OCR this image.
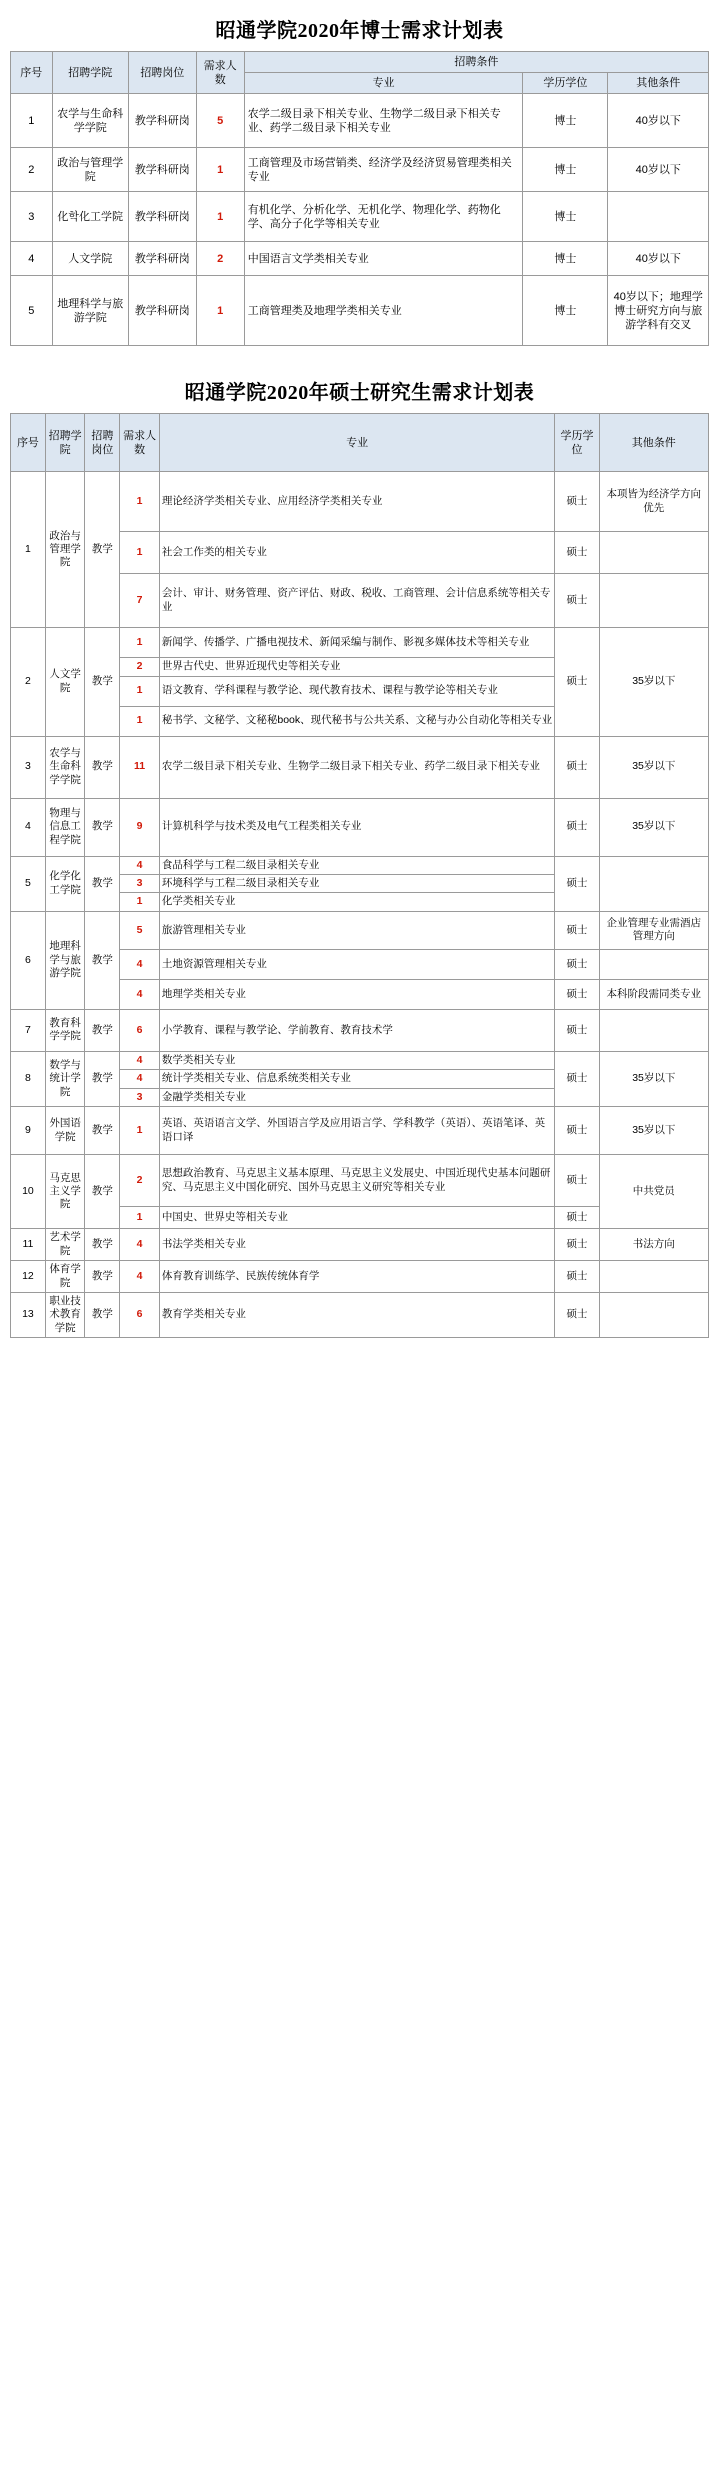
昭通学院2020年博士需求计划表
序号	招聘学院	招聘岗位	需求人数	招聘条件		
				专业	学历学位	其他条件
1	农学与生命科学学院	教学科研岗	5	农学二级目录下相关专业、生物学二级目录下相关专业、药学二级目录下相关专业	博士	40岁以下
2	政治与管理学院	教学科研岗	1	工商管理及市场营销类、经济学及经济贸易管理类相关专业	博士	40岁以下
3	化학化工学院	教学科研岗	1	有机化学、分析化学、无机化学、物理化学、药物化学、高分子化学等相关专业	博士	
4	人文学院	教学科研岗	2	中国语言文学类相关专业	博士	40岁以下
5	地理科学与旅游学院	教学科研岗	1	工商管理类及地理学类相关专业	博士	40岁以下；地理学博士研究方向与旅游学科有交叉
昭通学院2020年硕士研究生需求计划表
序号	招聘学院	招聘岗位	需求人数	专业	学历学位	其他条件
1	政治与管理学院	教学	1	理论经济学类相关专业、应用经济学类相关专业	硕士	本项皆为经济学方向优先
			1	社会工作类的相关专业	硕士	
			7	会计、审计、财务管理、资产评估、财政、税收、工商管理、会计信息系统等相关专业	硕士	
2	人文学院	教学	1	新闻学、传播学、广播电视技术、新闻采编与制作、影视多媒体技术等相关专业	硕士	35岁以下
			2	世界古代史、世界近现代史等相关专业		
			1	语文教育、学科课程与教学论、现代教育技术、课程与教学论等相关专业		
			1	秘书学、文秘学、文秘秘book、现代秘书与公共关系、文秘与办公自动化等相关专业		
3	农学与生命科学学院	教学	11	农学二级目录下相关专业、生物学二级目录下相关专业、药学二级目录下相关专业	硕士	35岁以下
4	物理与信息工程学院	教学	9	计算机科学与技术类及电气工程类相关专业	硕士	35岁以下
5	化学化工学院	教学	4	食品科学与工程二级目录相关专业	硕士	
			3	环境科学与工程二级目录相关专业		
			1	化学类相关专业		
6	地理科学与旅游学院	教学	5	旅游管理相关专业	硕士	企业管理专业需酒店管理方向
			4	土地资源管理相关专业	硕士	
			4	地理学类相关专业	硕士	本科阶段需同类专业
7	教育科学学院	教学	6	小学教育、课程与教学论、学前教育、教育技术学	硕士	
8	数学与统计学院	教学	4	数学类相关专业	硕士	35岁以下
			4	统计学类相关专业、信息系统类相关专业		
			3	金融学类相关专业		
9	外国语学院	教学	1	英语、英语语言文学、外国语言学及应用语言学、学科教学（英语）、英语笔译、英语口译	硕士	35岁以下
10	马克思主义学院	教学	2	思想政治教育、马克思主义基本原理、马克思主义发展史、中国近现代史基本问题研究、马克思主义中国化研究、国外马克思主义研究等相关专业	硕士	中共党员
			1	中国史、世界史等相关专业	硕士	
11	艺术学院	教学	4	书法学类相关专业	硕士	书法方向
12	体育学院	教学	4	体育教育训练学、民族传统体育学	硕士	
13	职业技术教育学院	教学	6	教育学类相关专业	硕士	
